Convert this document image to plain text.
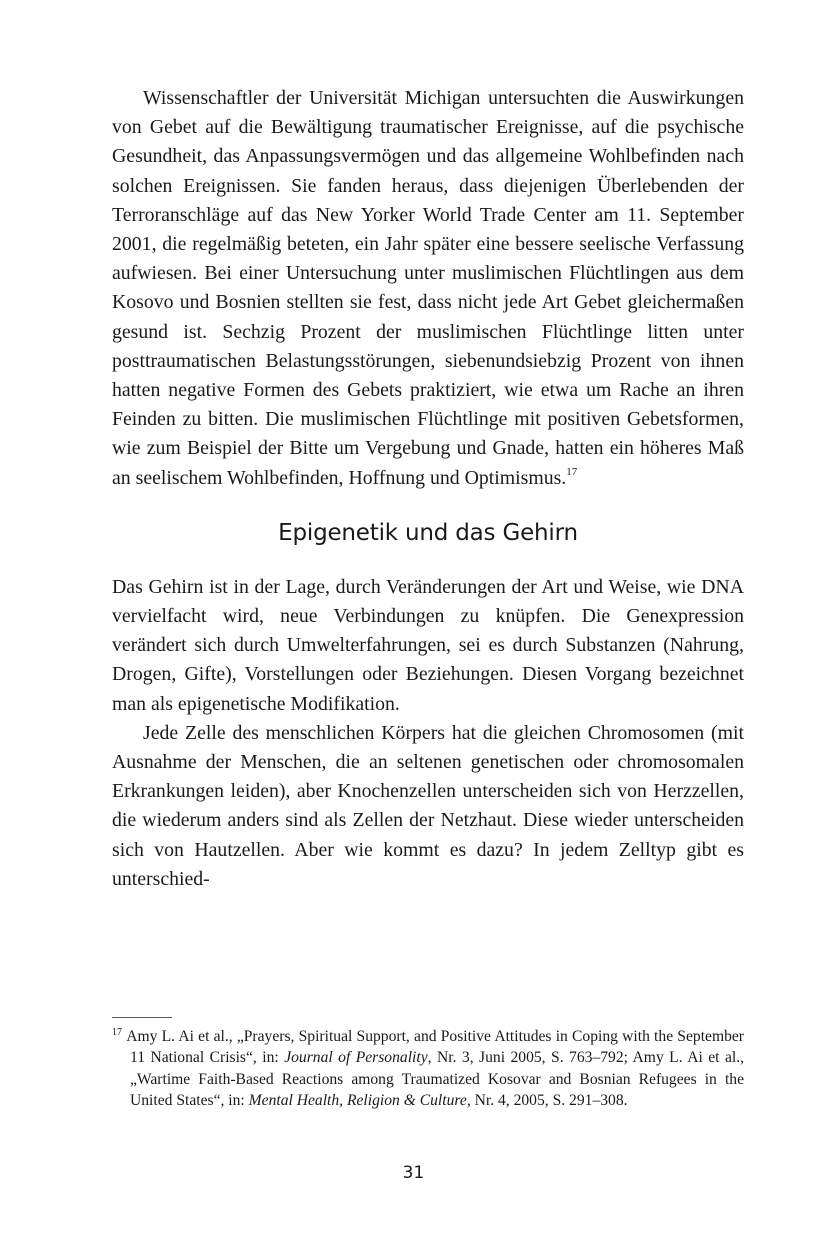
Wissenschaftler der Universität Michigan untersuchten die Auswirkungen von Gebet auf die Bewältigung traumatischer Ereignisse, auf die psychische Gesundheit, das Anpassungsvermögen und das allgemeine Wohlbefinden nach solchen Ereignissen. Sie fanden heraus, dass diejenigen Überlebenden der Terroranschläge auf das New Yorker World Trade Center am 11. September 2001, die regelmäßig beteten, ein Jahr später eine bessere seelische Verfassung aufwiesen. Bei einer Untersuchung unter muslimischen Flüchtlingen aus dem Kosovo und Bosnien stellten sie fest, dass nicht jede Art Gebet gleichermaßen gesund ist. Sechzig Prozent der muslimischen Flüchtlinge litten unter posttraumatischen Belastungsstörungen, siebenundsiebzig Prozent von ihnen hatten negative Formen des Gebets praktiziert, wie etwa um Rache an ihren Feinden zu bitten. Die muslimischen Flüchtlinge mit positiven Gebetsformen, wie zum Beispiel der Bitte um Vergebung und Gnade, hatten ein höheres Maß an seelischem Wohlbefinden, Hoffnung und Optimismus.$^{17}$

Epigenetik und das Gehirn

Das Gehirn ist in der Lage, durch Veränderungen der Art und Weise, wie DNA vervielfacht wird, neue Verbindungen zu knüpfen. Die Genexpression verändert sich durch Umwelterfahrungen, sei es durch Substanzen (Nahrung, Drogen, Gifte), Vorstellungen oder Beziehungen. Diesen Vorgang bezeichnet man als epigenetische Modifikation.

Jede Zelle des menschlichen Körpers hat die gleichen Chromosomen (mit Ausnahme der Menschen, die an seltenen genetischen oder chromosomalen Erkrankungen leiden), aber Knochenzellen unterscheiden sich von Herzzellen, die wiederum anders sind als Zellen der Netzhaut. Diese wieder unterscheiden sich von Hautzellen. Aber wie kommt es dazu? In jedem Zelltyp gibt es unterschied-

$^{17}$ Amy L. Ai et al., „Prayers, Spiritual Support, and Positive Attitudes in Coping with the September 11 National Crisis“, in: Journal of Personality, Nr. 3, Juni 2005, S. 763–792; Amy L. Ai et al., „Wartime Faith-Based Reactions among Traumatized Kosovar and Bosnian Refugees in the United States“, in: Mental Health, Religion & Culture, Nr. 4, 2005, S. 291–308.

31
